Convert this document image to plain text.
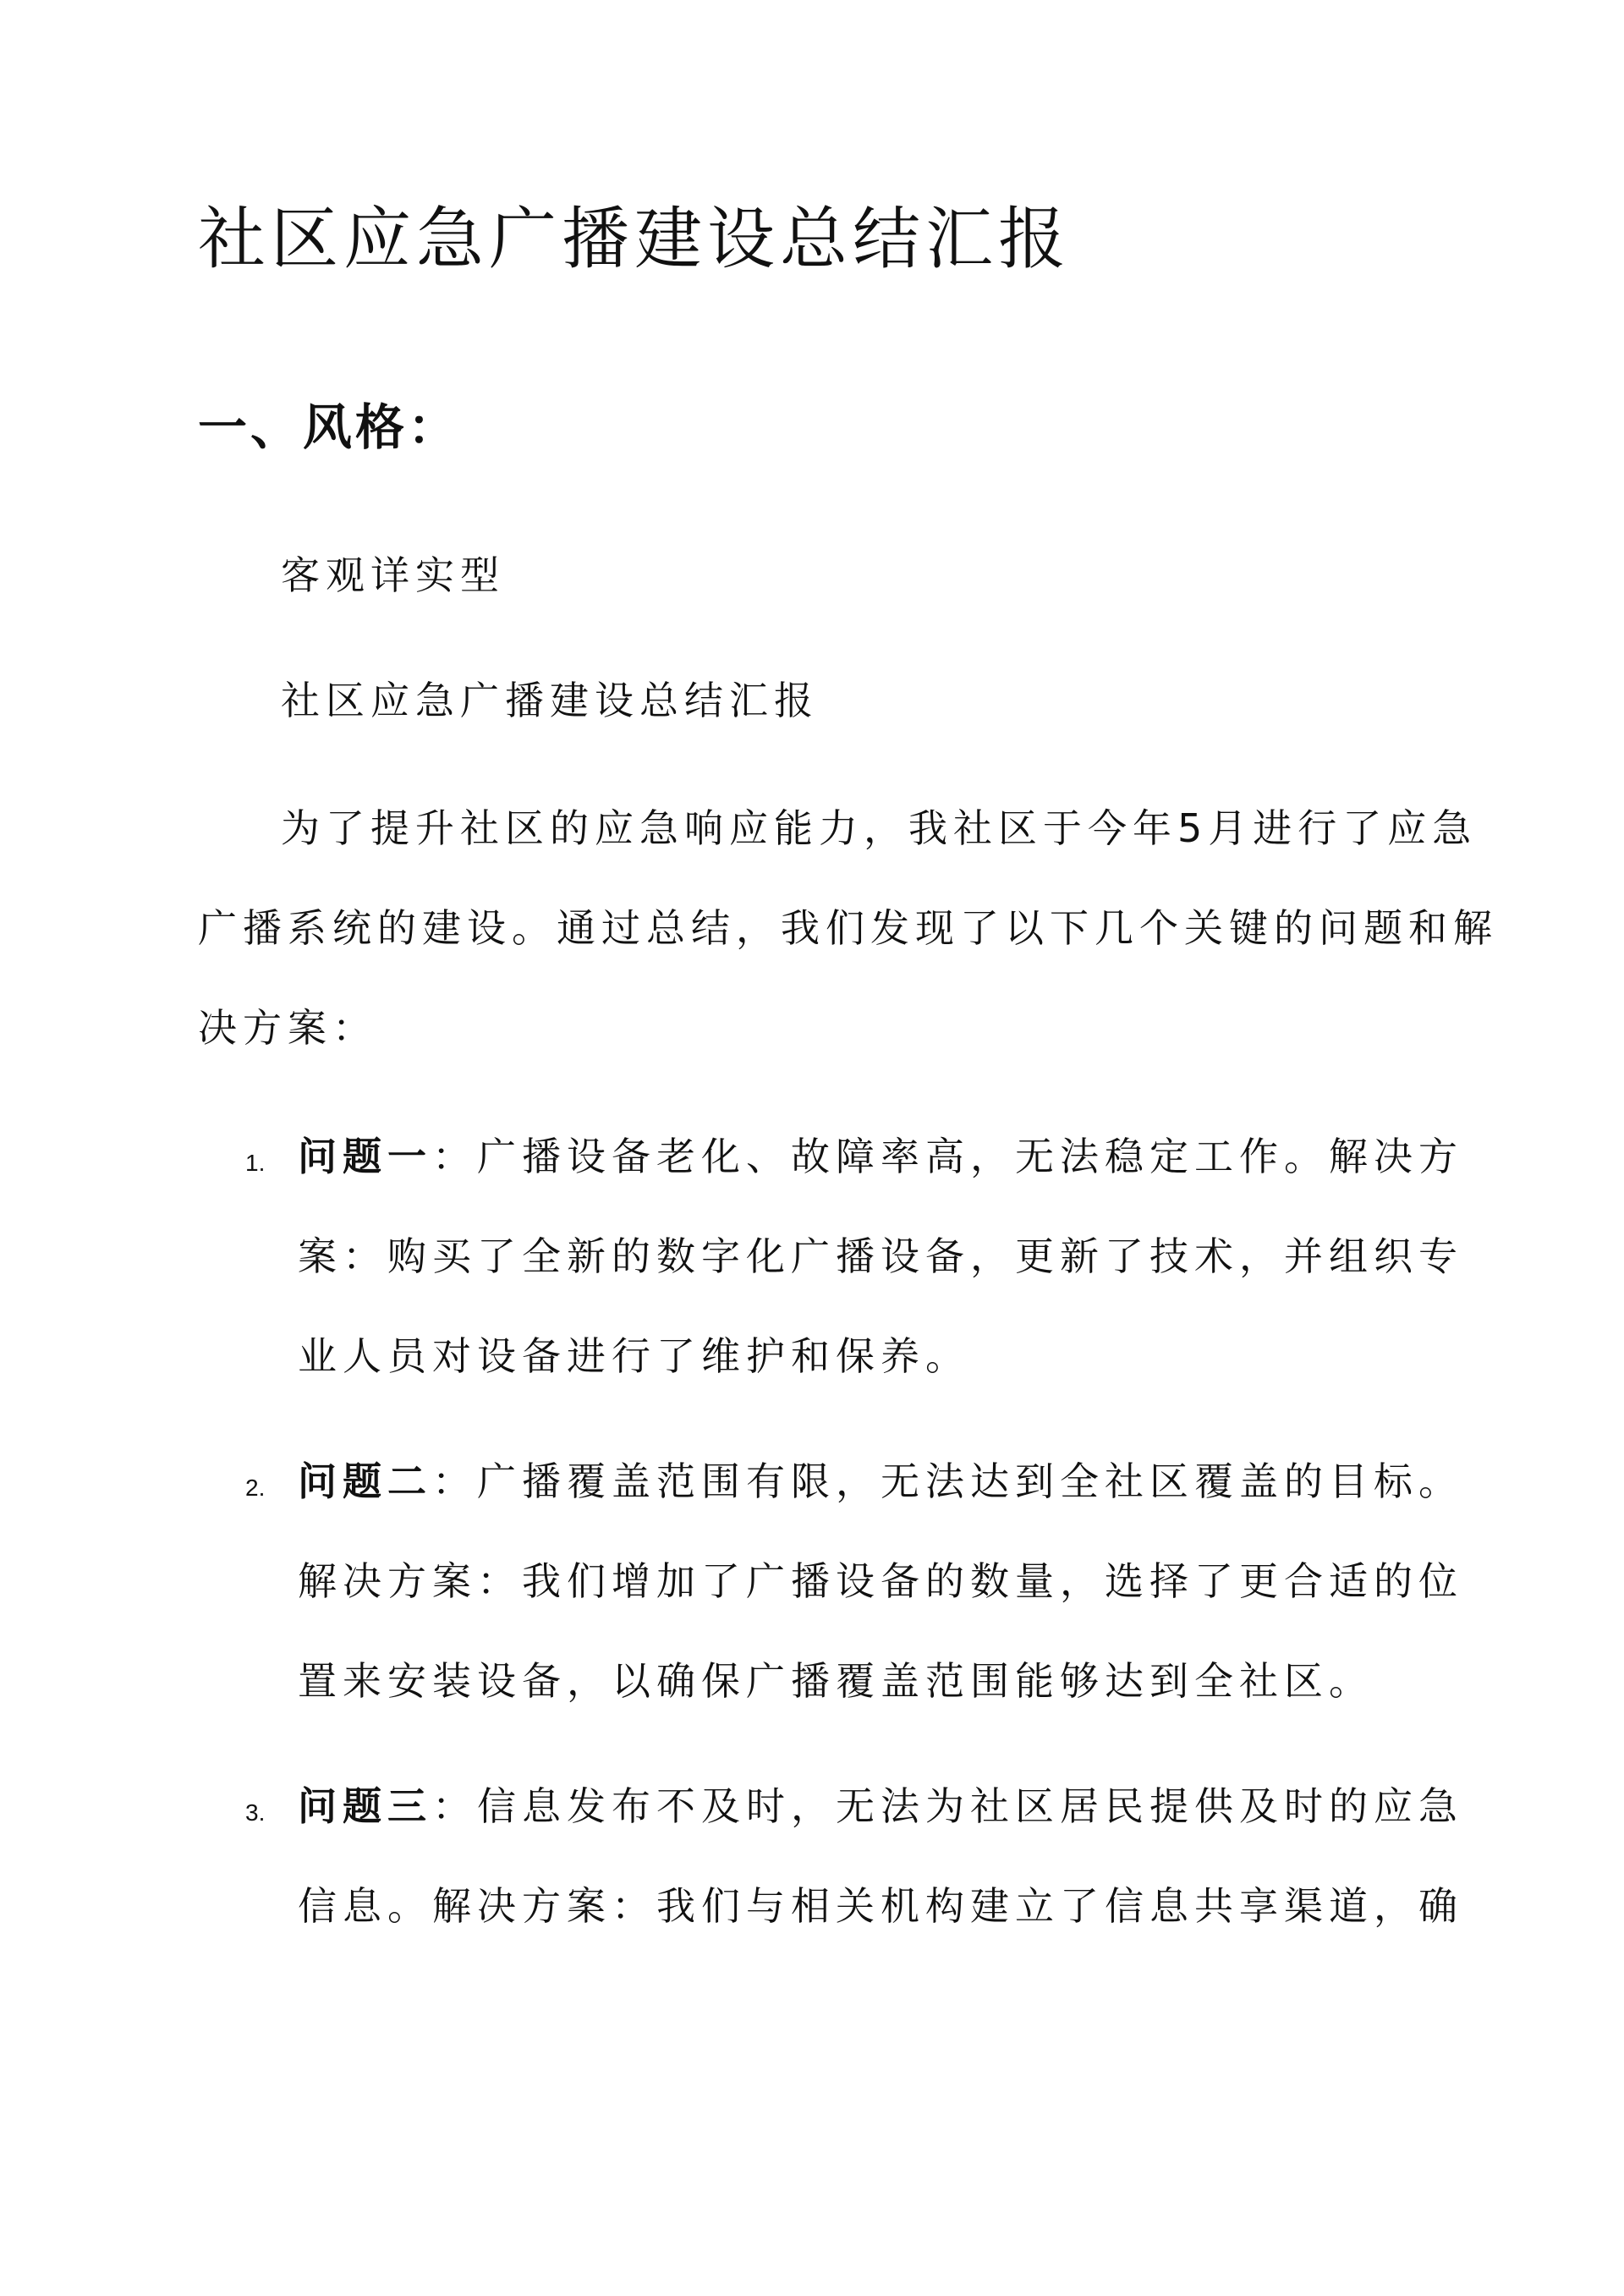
社区应急广播建设总结汇报
一、风格：

客观详实型

社区应急广播建设总结汇报

为了提升社区的应急响应能力，我社区于今年5月进行了应急

广播系统的建设。通过总结，我们发现了以下几个关键的问题和解

决方案：

1. 问题一：广播设备老化、故障率高，无法稳定工作。解决方

案：购买了全新的数字化广播设备，更新了技术，并组织专

业人员对设备进行了维护和保养。

2. 问题二：广播覆盖范围有限，无法达到全社区覆盖的目标。

解决方案：我们增加了广播设备的数量，选择了更合适的位

置来安装设备，以确保广播覆盖范围能够达到全社区。

3. 问题三：信息发布不及时，无法为社区居民提供及时的应急

信息。解决方案：我们与相关机构建立了信息共享渠道，确
